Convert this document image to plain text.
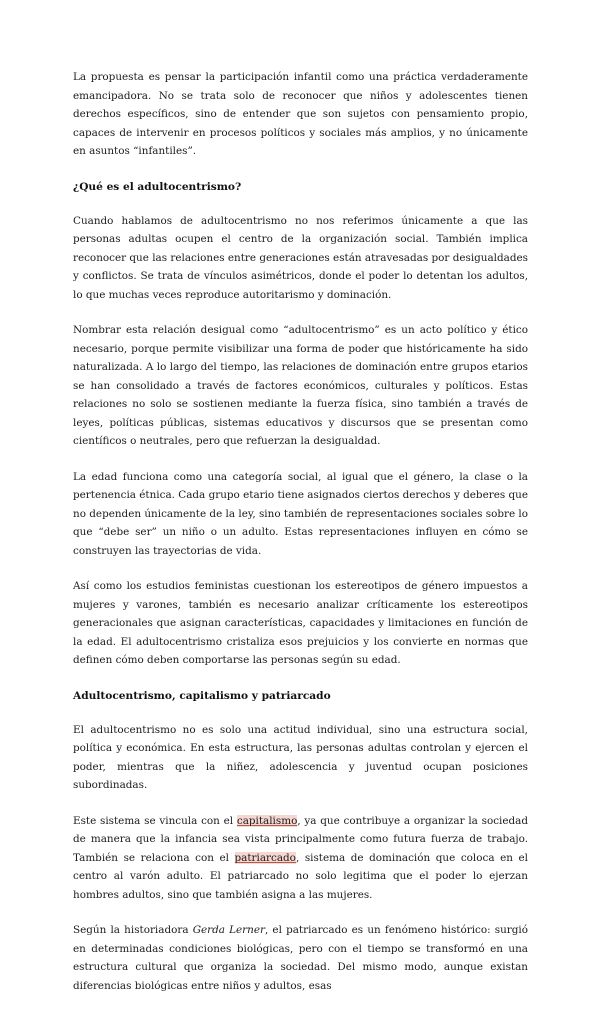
La propuesta es pensar la participación infantil como una práctica verdaderamente emancipadora. No se trata solo de reconocer que niños y adolescentes tienen derechos específicos, sino de entender que son sujetos con pensamiento propio, capaces de intervenir en procesos políticos y sociales más amplios, y no únicamente en asuntos “infantiles”.

¿Qué es el adultocentrismo?

Cuando hablamos de adultocentrismo no nos referimos únicamente a que las personas adultas ocupen el centro de la organización social. También implica reconocer que las relaciones entre generaciones están atravesadas por desigualdades y conflictos. Se trata de vínculos asimétricos, donde el poder lo detentan los adultos, lo que muchas veces reproduce autoritarismo y dominación.

Nombrar esta relación desigual como “adultocentrismo” es un acto político y ético necesario, porque permite visibilizar una forma de poder que históricamente ha sido naturalizada. A lo largo del tiempo, las relaciones de dominación entre grupos etarios se han consolidado a través de factores económicos, culturales y políticos. Estas relaciones no solo se sostienen mediante la fuerza física, sino también a través de leyes, políticas públicas, sistemas educativos y discursos que se presentan como científicos o neutrales, pero que refuerzan la desigualdad.

La edad funciona como una categoría social, al igual que el género, la clase o la pertenencia étnica. Cada grupo etario tiene asignados ciertos derechos y deberes que no dependen únicamente de la ley, sino también de representaciones sociales sobre lo que “debe ser” un niño o un adulto. Estas representaciones influyen en cómo se construyen las trayectorias de vida.

Así como los estudios feministas cuestionan los estereotipos de género impuestos a mujeres y varones, también es necesario analizar críticamente los estereotipos generacionales que asignan características, capacidades y limitaciones en función de la edad. El adultocentrismo cristaliza esos prejuicios y los convierte en normas que definen cómo deben comportarse las personas según su edad.

Adultocentrismo, capitalismo y patriarcado

El adultocentrismo no es solo una actitud individual, sino una estructura social, política y económica. En esta estructura, las personas adultas controlan y ejercen el poder, mientras que la niñez, adolescencia y juventud ocupan posiciones subordinadas.

Este sistema se vincula con el capitalismo, ya que contribuye a organizar la sociedad de manera que la infancia sea vista principalmente como futura fuerza de trabajo. También se relaciona con el patriarcado, sistema de dominación que coloca en el centro al varón adulto. El patriarcado no solo legitima que el poder lo ejerzan hombres adultos, sino que también asigna a las mujeres.

Según la historiadora Gerda Lerner, el patriarcado es un fenómeno histórico: surgió en determinadas condiciones biológicas, pero con el tiempo se transformó en una estructura cultural que organiza la sociedad. Del mismo modo, aunque existan diferencias biológicas entre niños y adultos, esas
